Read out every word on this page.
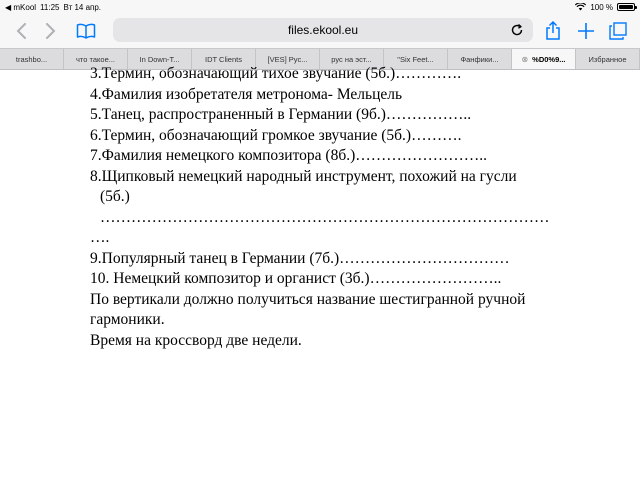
◀ mKool 11:25 Вт 14 апр.	100 %
files.ekool.eu
trashbo...	что такое...	In Down-T...	IDT Clients	[VES] Рус...	рус на эст...	"Six Feet...	Фанфики...	⊗ %D0%9...	Избранное
3.Термин, обозначающий тихое звучание (5б.)………….
4.Фамилия изобретателя метронома- Мельцель
5.Танец, распространенный в Германии (9б.)……………..
6.Термин, обозначающий громкое звучание (5б.)……….
7.Фамилия немецкого композитора (8б.)……………………..
8.Щипковый немецкий народный инструмент, похожий на гусли
(5б.)
……………………………………………………………………………
….
9.Популярный танец в Германии (7б.)……………………………
10. Немецкий композитор и органист (3б.)……………………..
По вертикали должно получиться название шестигранной ручной
гармоники.
Время на кроссворд две недели.
